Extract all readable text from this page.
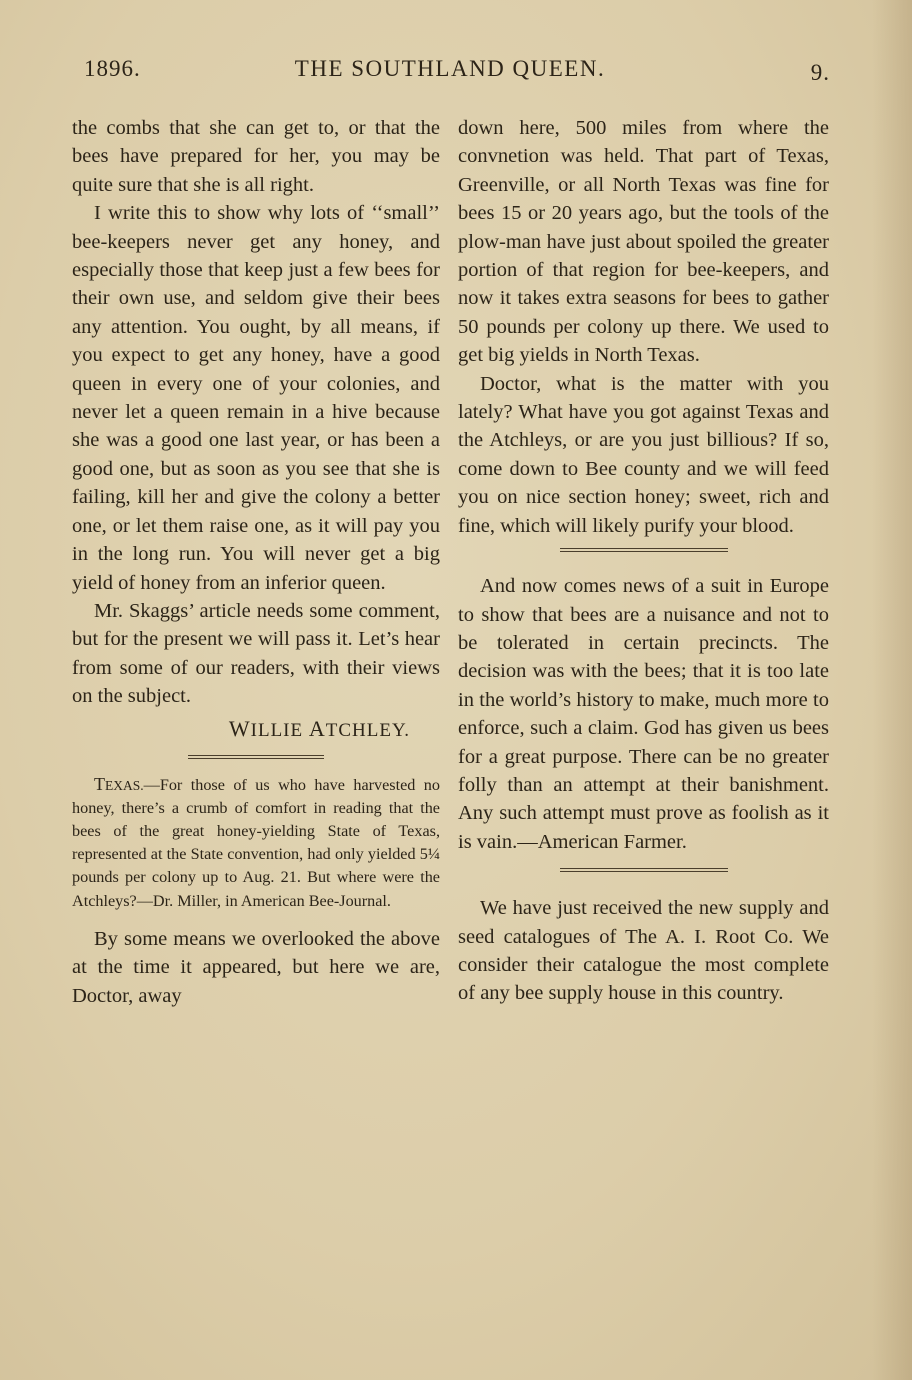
1896.	THE SOUTHLAND QUEEN.	9.

the combs that she can get to, or that the bees have prepared for her, you may be quite sure that she is all right.

I write this to show why lots of ‘‘small’’ bee-keepers never get any honey, and especially those that keep just a few bees for their own use, and seldom give their bees any attention. You ought, by all means, if you expect to get any honey, have a good queen in every one of your colonies, and never let a queen remain in a hive because she was a good one last year, or has been a good one, but as soon as you see that she is failing, kill her and give the colony a better one, or let them raise one, as it will pay you in the long run. You will never get a big yield of honey from an inferior queen.

Mr. Skaggs’ article needs some comment, but for the present we will pass it. Let’s hear from some of our readers, with their views on the subject.

WILLIE ATCHLEY.

TEXAS.—For those of us who have harvested no honey, there’s a crumb of comfort in reading that the bees of the great honey-yielding State of Texas, represented at the State convention, had only yielded 5¼ pounds per colony up to Aug. 21. But where were the Atchleys?—Dr. Miller, in American Bee-Journal.

By some means we overlooked the above at the time it appeared, but here we are, Doctor, away

down here, 500 miles from where the convnetion was held. That part of Texas, Greenville, or all North Texas was fine for bees 15 or 20 years ago, but the tools of the plow-man have just about spoiled the greater portion of that region for bee-keepers, and now it takes extra seasons for bees to gather 50 pounds per colony up there. We used to get big yields in North Texas.

Doctor, what is the matter with you lately? What have you got against Texas and the Atchleys, or are you just billious? If so, come down to Bee county and we will feed you on nice section honey; sweet, rich and fine, which will likely purify your blood.

And now comes news of a suit in Europe to show that bees are a nuisance and not to be tolerated in certain precincts. The decision was with the bees; that it is too late in the world’s history to make, much more to enforce, such a claim. God has given us bees for a great purpose. There can be no greater folly than an attempt at their banishment. Any such attempt must prove as foolish as it is vain.—American Farmer.

We have just received the new supply and seed catalogues of The A. I. Root Co. We consider their catalogue the most complete of any bee supply house in this country.
